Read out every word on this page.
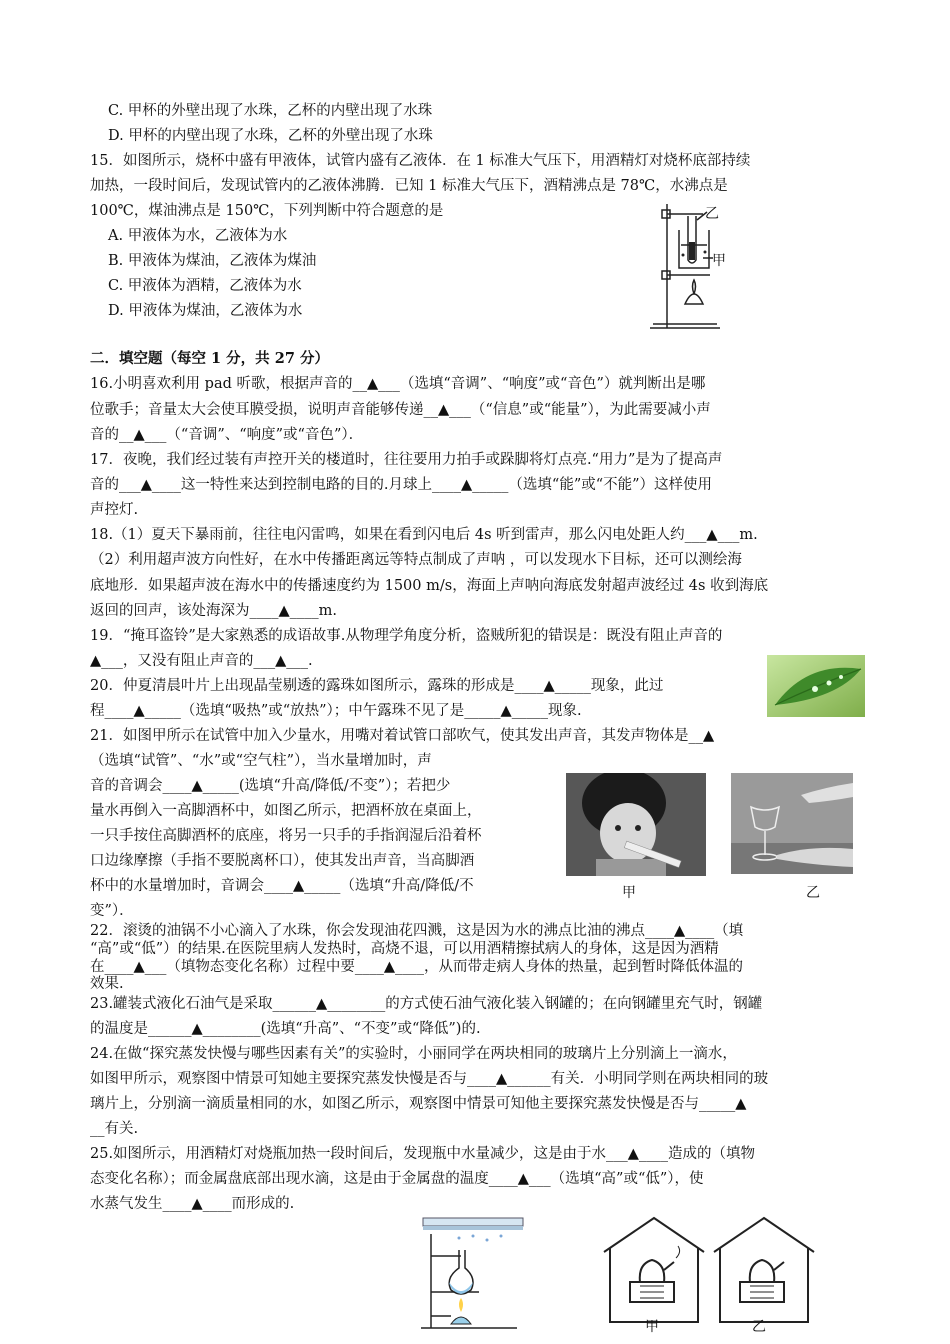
C. 甲杯的外壁出现了水珠，乙杯的内壁出现了水珠
D. 甲杯的内壁出现了水珠，乙杯的外壁出现了水珠
15．如图所示，烧杯中盛有甲液体，试管内盛有乙液体．在 1 标准大气压下，用酒精灯对烧杯底部持续
加热，一段时间后，发现试管内的乙液体沸腾．已知 1 标准大气压下，酒精沸点是 78℃，水沸点是
100℃，煤油沸点是 150℃，下列判断中符合题意的是
A. 甲液体为水，乙液体为水
B. 甲液体为煤油，乙液体为煤油
C. 甲液体为酒精，乙液体为水
D. 甲液体为煤油，乙液体为水
二．填空题（每空 1 分，共 27 分）
16.小明喜欢利用 pad 听歌，根据声音的__▲___（选填“音调”、“响度”或“音色”）就判断出是哪
位歌手；音量太大会使耳膜受损，说明声音能够传递__▲___（“信息”或“能量”），为此需要减小声
音的__▲___（“音调”、“响度”或“音色”）．
17．夜晚，我们经过装有声控开关的楼道时，往往要用力拍手或跺脚将灯点亮.“用力”是为了提高声
音的___▲____这一特性来达到控制电路的目的.月球上____▲_____（选填“能”或“不能”）这样使用
声控灯.
18.（1）夏天下暴雨前，往往电闪雷鸣，如果在看到闪电后 4s 听到雷声，那么闪电处距人约___▲___m.
（2）利用超声波方向性好，在水中传播距离远等特点制成了声呐 ，可以发现水下目标，还可以测绘海
底地形．如果超声波在海水中的传播速度约为 1500 m/s，海面上声呐向海底发射超声波经过 4s 收到海底
返回的回声，该处海深为____▲____m.
19．“掩耳盗铃”是大家熟悉的成语故事.从物理学角度分析，盗贼所犯的错误是：既没有阻止声音的
▲___，又没有阻止声音的___▲___.
20．仲夏清晨叶片上出现晶莹剔透的露珠如图所示，露珠的形成是____▲_____现象，此过
程____▲_____（选填“吸热”或“放热”）；中午露珠不见了是_____▲_____现象.
21．如图甲所示在试管中加入少量水，用嘴对着试管口部吹气，使其发出声音，其发声物体是__▲
（选填“试管”、“水”或“空气柱”），当水量增加时，声
音的音调会____▲_____(选填“升高/降低/不变”）；若把少
量水再倒入一高脚酒杯中，如图乙所示，把酒杯放在桌面上，
一只手按住高脚酒杯的底座，将另一只手的手指润湿后沿着杯
口边缘摩擦（手指不要脱离杯口），使其发出声音，当高脚酒
杯中的水量增加时，音调会____▲_____（选填“升高/降低/不
变”）．
22．滚烫的油锅不小心滴入了水珠，你会发现油花四溅，这是因为水的沸点比油的沸点____▲____（填
“高”或“低”）的结果.在医院里病人发热时，高烧不退，可以用酒精擦拭病人的身体，这是因为酒精
在____▲___（填物态变化名称）过程中要____▲____，从而带走病人身体的热量，起到暂时降低体温的
效果.
23.罐装式液化石油气是采取______▲________的方式使石油气液化装入钢罐的；在向钢罐里充气时，钢罐
的温度是______▲________(选填“升高”、“不变”或“降低”)的.
24.在做“探究蒸发快慢与哪些因素有关”的实验时，小丽同学在两块相同的玻璃片上分别滴上一滴水，
如图甲所示，观察图中情景可知她主要探究蒸发快慢是否与____▲______有关．小明同学则在两块相同的玻
璃片上，分别滴一滴质量相同的水，如图乙所示，观察图中情景可知他主要探究蒸发快慢是否与_____▲
__有关.
25.如图所示，用酒精灯对烧瓶加热一段时间后，发现瓶中水量减少，这是由于水___▲____造成的（填物
态变化名称）；而金属盘底部出现水滴，这是由于金属盘的温度____▲___（选填“高”或“低”），使
水蒸气发生____▲____而形成的.
乙
甲
甲	乙
甲	乙
